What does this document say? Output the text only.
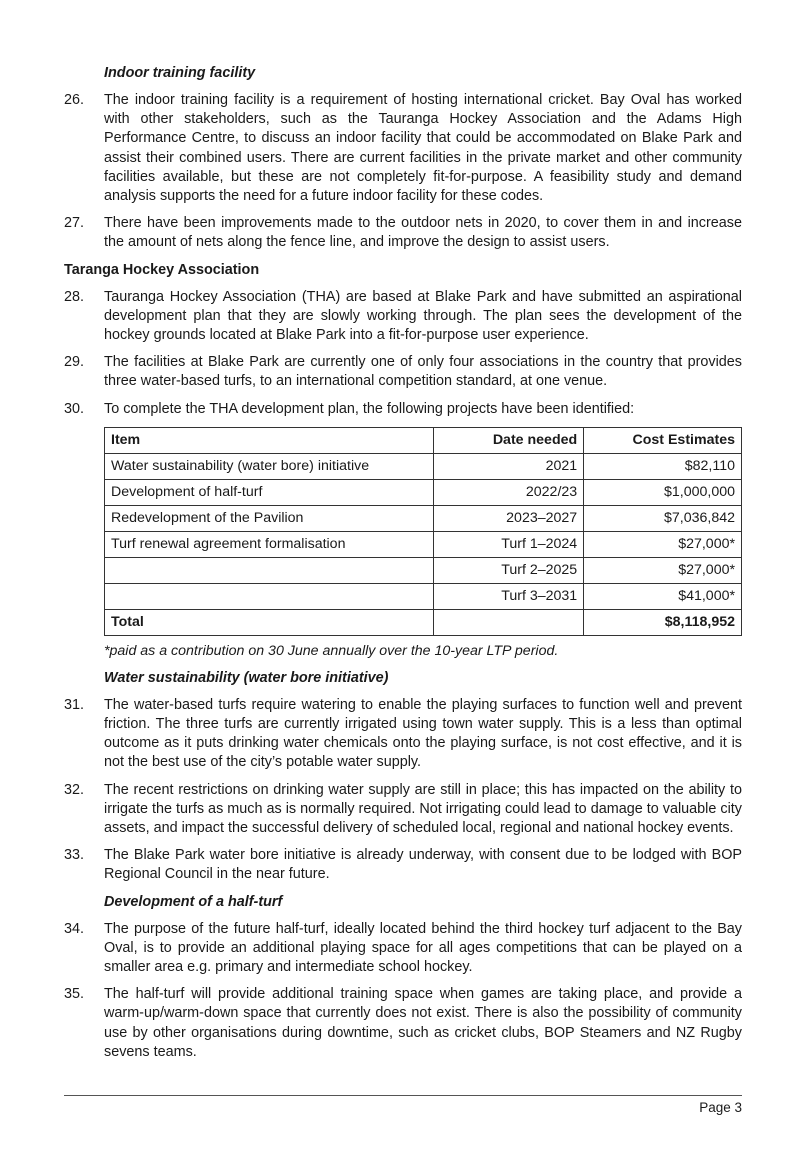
Indoor training facility
26.	The indoor training facility is a requirement of hosting international cricket. Bay Oval has worked with other stakeholders, such as the Tauranga Hockey Association and the Adams High Performance Centre, to discuss an indoor facility that could be accommodated on Blake Park and assist their combined users. There are current facilities in the private market and other community facilities available, but these are not completely fit-for-purpose. A feasibility study and demand analysis supports the need for a future indoor facility for these codes.
27.	There have been improvements made to the outdoor nets in 2020, to cover them in and increase the amount of nets along the fence line, and improve the design to assist users.
Taranga Hockey Association
28.	Tauranga Hockey Association (THA) are based at Blake Park and have submitted an aspirational development plan that they are slowly working through. The plan sees the development of the hockey grounds located at Blake Park into a fit-for-purpose user experience.
29.	The facilities at Blake Park are currently one of only four associations in the country that provides three water-based turfs, to an international competition standard, at one venue.
30.	To complete the THA development plan, the following projects have been identified:
Item	Date needed	Cost Estimates
Water sustainability (water bore) initiative	2021	$82,110
Development of half-turf	2022/23	$1,000,000
Redevelopment of the Pavilion	2023–2027	$7,036,842
Turf renewal agreement formalisation	Turf 1–2024	$27,000*
	Turf 2–2025	$27,000*
	Turf 3–2031	$41,000*
Total		$8,118,952
*paid as a contribution on 30 June annually over the 10-year LTP period.
Water sustainability (water bore initiative)
31.	The water-based turfs require watering to enable the playing surfaces to function well and prevent friction. The three turfs are currently irrigated using town water supply. This is a less than optimal outcome as it puts drinking water chemicals onto the playing surface, is not cost effective, and it is not the best use of the city’s potable water supply.
32.	The recent restrictions on drinking water supply are still in place; this has impacted on the ability to irrigate the turfs as much as is normally required. Not irrigating could lead to damage to valuable city assets, and impact the successful delivery of scheduled local, regional and national hockey events.
33.	The Blake Park water bore initiative is already underway, with consent due to be lodged with BOP Regional Council in the near future.
Development of a half-turf
34.	The purpose of the future half-turf, ideally located behind the third hockey turf adjacent to the Bay Oval, is to provide an additional playing space for all ages competitions that can be played on a smaller area e.g. primary and intermediate school hockey.
35.	The half-turf will provide additional training space when games are taking place, and provide a warm-up/warm-down space that currently does not exist. There is also the possibility of community use by other organisations during downtime, such as cricket clubs, BOP Steamers and NZ Rugby sevens teams.
Page 3
